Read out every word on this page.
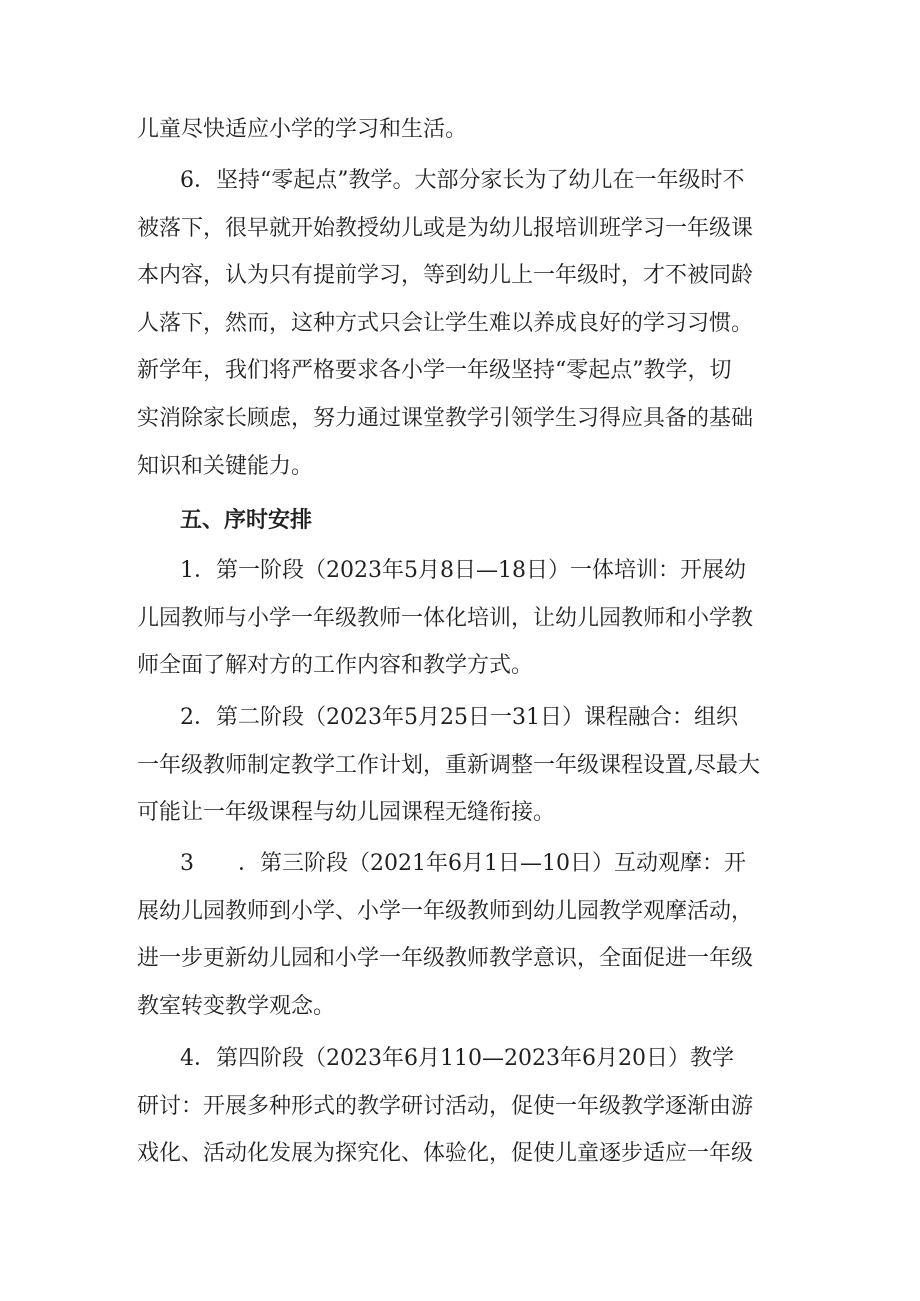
儿童尽快适应小学的学习和生活。
6．坚持“零起点”教学。大部分家长为了幼儿在一年级时不
被落下，很早就开始教授幼儿或是为幼儿报培训班学习一年级课
本内容，认为只有提前学习，等到幼儿上一年级时，才不被同龄
人落下，然而，这种方式只会让学生难以养成良好的学习习惯。
新学年，我们将严格要求各小学一年级坚持“零起点”教学，切
实消除家长顾虑，努力通过课堂教学引领学生习得应具备的基础
知识和关键能力。
五、序时安排
1．第一阶段（2023年5月8日—18日）一体培训：开展幼
儿园教师与小学一年级教师一体化培训，让幼儿园教师和小学教
师全面了解对方的工作内容和教学方式。
2．第二阶段（2023年5月25日一31日）课程融合：组织
一年级教师制定教学工作计划，重新调整一年级课程设置,尽最大
可能让一年级课程与幼儿园课程无缝衔接。
3　　．第三阶段（2021年6月1日—10日）互动观摩：开
展幼儿园教师到小学、小学一年级教师到幼儿园教学观摩活动，
进一步更新幼儿园和小学一年级教师教学意识，全面促进一年级
教室转变教学观念。
4．第四阶段（2023年6月110—2023年6月20日）教学
研讨：开展多种形式的教学研讨活动，促使一年级教学逐渐由游
戏化、活动化发展为探究化、体验化，促使儿童逐步适应一年级
